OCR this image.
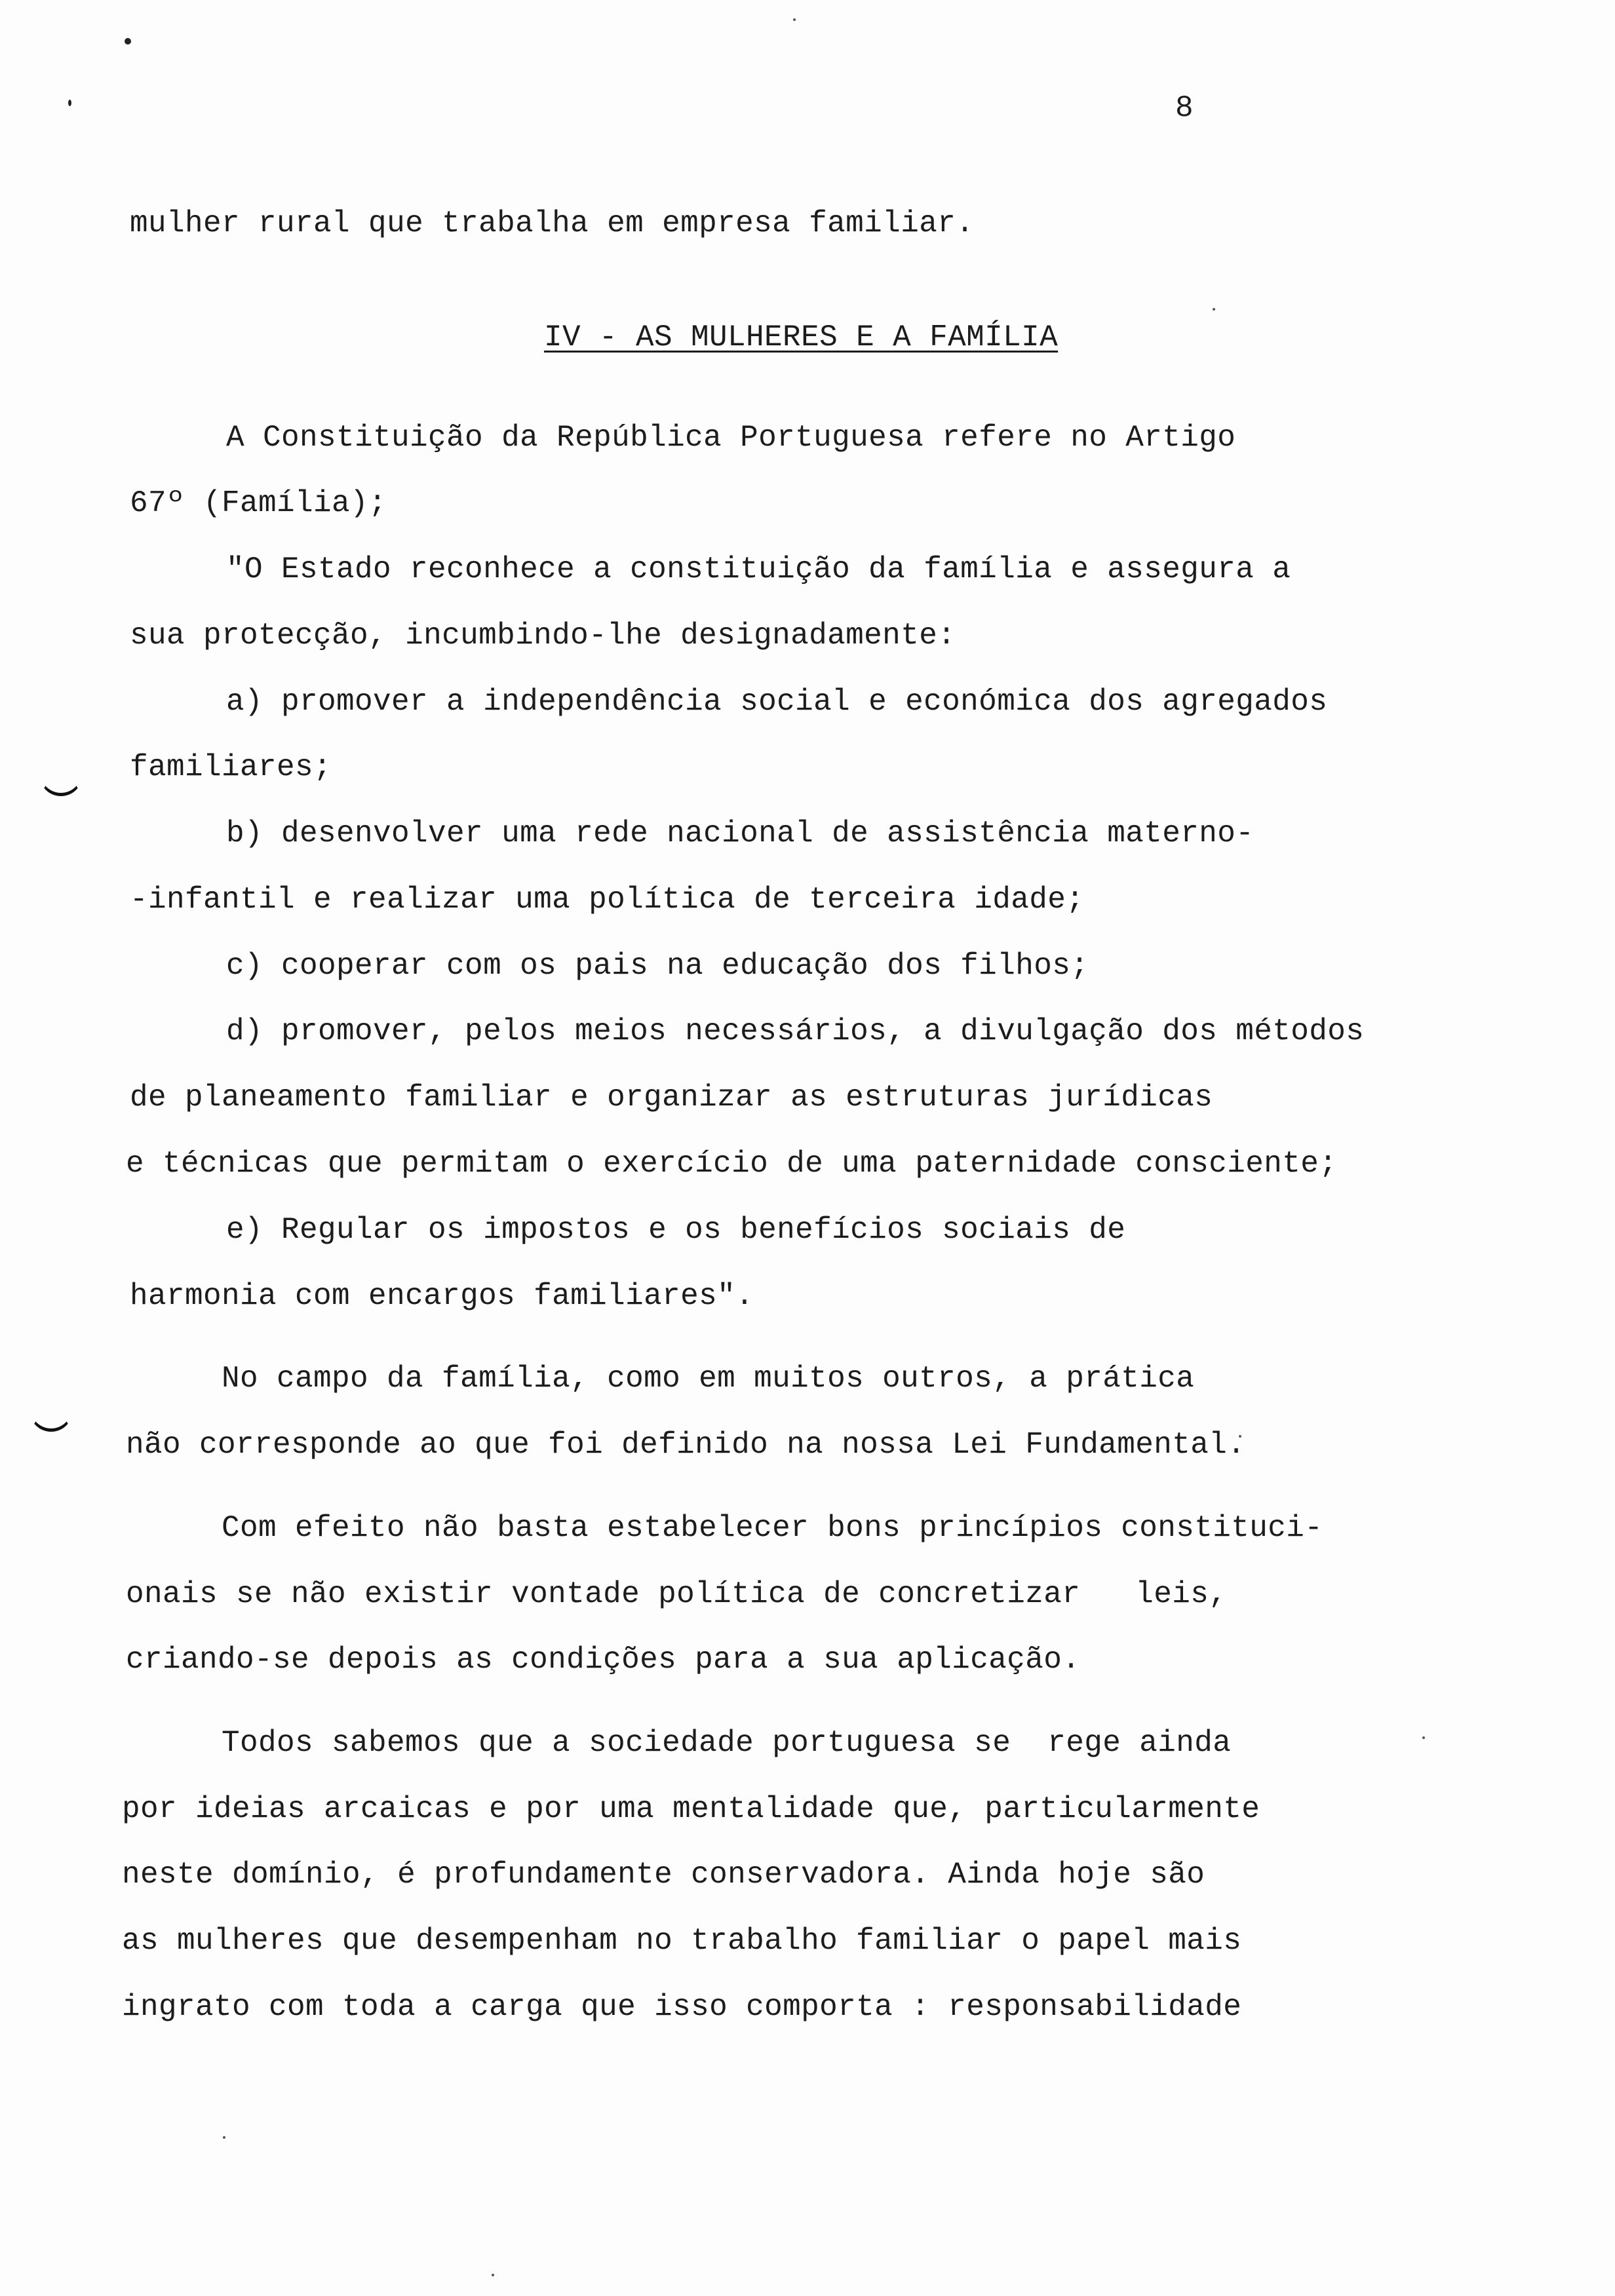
8
mulher rural que trabalha em empresa familiar.
IV - AS MULHERES E A FAMÍLIA
A Constituição da República Portuguesa refere no Artigo
67º (Família);
"O Estado reconhece a constituição da família e assegura a
sua protecção, incumbindo-lhe designadamente:
a) promover a independência social e económica dos agregados
familiares;
b) desenvolver uma rede nacional de assistência materno-
-infantil e realizar uma política de terceira idade;
c) cooperar com os pais na educação dos filhos;
d) promover, pelos meios necessários, a divulgação dos métodos
de planeamento familiar e organizar as estruturas jurídicas
e técnicas que permitam o exercício de uma paternidade consciente;
e) Regular os impostos e os benefícios sociais de
harmonia com encargos familiares".
No campo da família, como em muitos outros, a prática
não corresponde ao que foi definido na nossa Lei Fundamental.
Com efeito não basta estabelecer bons princípios constituci-
onais se não existir vontade política de concretizar   leis,
criando-se depois as condições para a sua aplicação.
Todos sabemos que a sociedade portuguesa se  rege ainda
por ideias arcaicas e por uma mentalidade que, particularmente
neste domínio, é profundamente conservadora. Ainda hoje são
as mulheres que desempenham no trabalho familiar o papel mais
ingrato com toda a carga que isso comporta : responsabilidade
